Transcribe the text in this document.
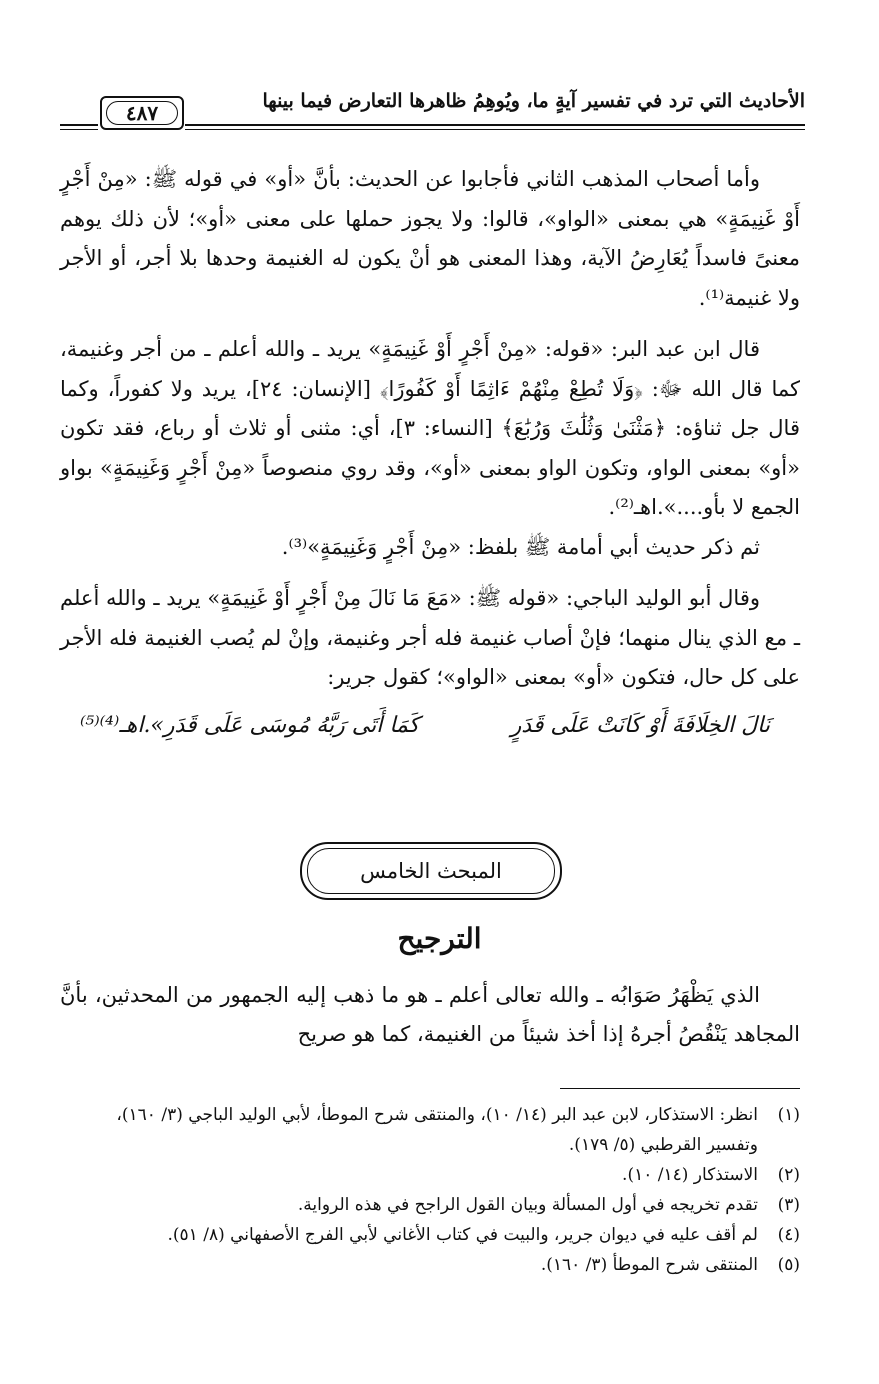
الأحاديث التي ترد في تفسير آيةٍ ما، ويُوهِمُ ظاهرها التعارض فيما بينها
٤٨٧

وأما أصحاب المذهب الثاني فأجابوا عن الحديث: بأنَّ «أو» في قوله ﷺ: «مِنْ أَجْرٍ أَوْ غَنِيمَةٍ» هي بمعنى «الواو»، قالوا: ولا يجوز حملها على معنى «أو»؛ لأن ذلك يوهم معنىً فاسداً يُعَارِضُ الآية، وهذا المعنى هو أنْ يكون له الغنيمة وحدها بلا أجر، أو الأجر ولا غنيمة⁽¹⁾.

قال ابن عبد البر: «قوله: «مِنْ أَجْرٍ أَوْ غَنِيمَةٍ» يريد ـ والله أعلم ـ من أجر وغنيمة، كما قال الله ﷻ: ﴿وَلَا تُطِعْ مِنْهُمْ ءَاثِمًا أَوْ كَفُورًا﴾ [الإنسان: ٢٤]، يريد ولا كفوراً، وكما قال جل ثناؤه: ﴿مَثْنَىٰ وَثُلَٰثَ وَرُبَٰعَ﴾ [النساء: ٣]، أي: مثنى أو ثلاث أو رباع، فقد تكون «أو» بمعنى الواو، وتكون الواو بمعنى «أو»، وقد روي منصوصاً «مِنْ أَجْرٍ وَغَنِيمَةٍ» بواو الجمع لا بأو....».اهـ⁽²⁾.

ثم ذكر حديث أبي أمامة ﷺ بلفظ: «مِنْ أَجْرٍ وَغَنِيمَةٍ»⁽³⁾.

وقال أبو الوليد الباجي: «قوله ﷺ: «مَعَ مَا نَالَ مِنْ أَجْرٍ أَوْ غَنِيمَةٍ» يريد ـ والله أعلم ـ مع الذي ينال منهما؛ فإنْ أصاب غنيمة فله أجر وغنيمة، وإنْ لم يُصب الغنيمة فله الأجر على كل حال، فتكون «أو» بمعنى «الواو»؛ كقول جرير:

نَالَ الخِلَافَةَ أَوْ كَانَتْ عَلَى قَدَرٍ
كَمَا أَتَى رَبَّهُ مُوسَى عَلَى قَدَرِ».اهـ⁽⁴⁾⁽⁵⁾
المبحث الخامس
الترجيح

الذي يَظْهَرُ صَوَابُه ـ والله تعالى أعلم ـ هو ما ذهب إليه الجمهور من المحدثين، بأنَّ المجاهد يَنْقُصُ أجرهُ إذا أخذ شيئاً من الغنيمة، كما هو صريح

(١)
انظر: الاستذكار، لابن عبد البر (١٤/ ١٠)، والمنتقى شرح الموطأ، لأبي الوليد الباجي (٣/ ١٦٠)، وتفسير القرطبي (٥/ ١٧٩).
(٢)
الاستذكار (١٤/ ١٠).
(٣)
تقدم تخريجه في أول المسألة وبيان القول الراجح في هذه الرواية.
(٤)
لم أقف عليه في ديوان جرير، والبيت في كتاب الأغاني لأبي الفرج الأصفهاني (٨/ ٥١).
(٥)
المنتقى شرح الموطأ (٣/ ١٦٠).
